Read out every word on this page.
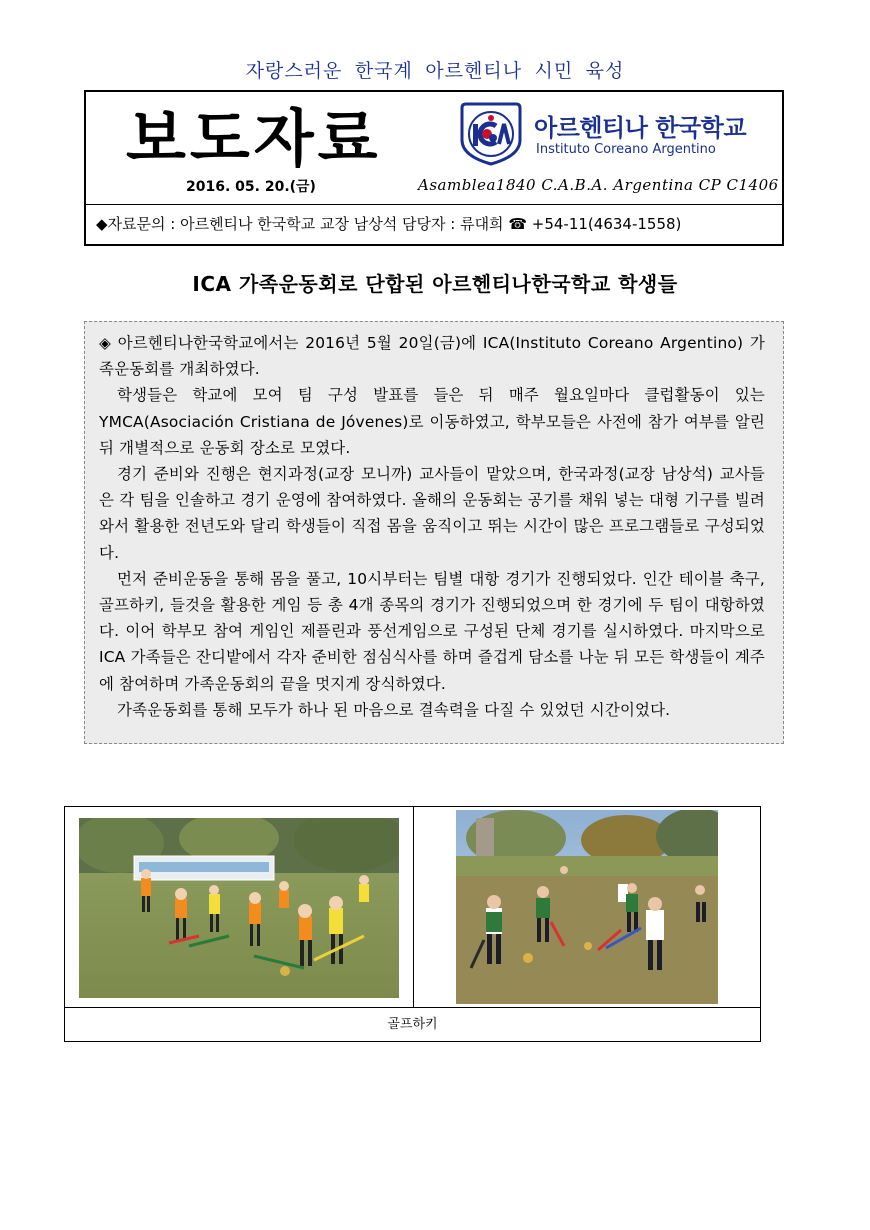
자랑스러운 한국계 아르헨티나 시민 육성
보도자료
2016. 05. 20.(금)
아르헨티나 한국학교
Instituto Coreano Argentino
Asamblea1840 C.A.B.A. Argentina CP C1406
◆자료문의 : 아르헨티나 한국학교 교장 남상석 담당자 : 류대희 ☎ +54-11(4634-1558)
ICA 가족운동회로 단합된 아르헨티나한국학교 학생들

◈ 아르헨티나한국학교에서는 2016년 5월 20일(금)에 ICA(Instituto Coreano Argentino) 가족운동회를 개최하였다.

학생들은 학교에 모여 팀 구성 발표를 들은 뒤 매주 월요일마다 클럽활동이 있는 YMCA(Asociación Cristiana de Jóvenes)로 이동하였고, 학부모들은 사전에 참가 여부를 알린 뒤 개별적으로 운동회 장소로 모였다.

경기 준비와 진행은 현지과정(교장 모니까) 교사들이 맡았으며, 한국과정(교장 남상석) 교사들은 각 팀을 인솔하고 경기 운영에 참여하였다. 올해의 운동회는 공기를 채워 넣는 대형 기구를 빌려와서 활용한 전년도와 달리 학생들이 직접 몸을 움직이고 뛰는 시간이 많은 프로그램들로 구성되었다.

먼저 준비운동을 통해 몸을 풀고, 10시부터는 팀별 대항 경기가 진행되었다. 인간 테이블 축구, 골프하키, 들것을 활용한 게임 등 총 4개 종목의 경기가 진행되었으며 한 경기에 두 팀이 대항하였다. 이어 학부모 참여 게임인 제플린과 풍선게임으로 구성된 단체 경기를 실시하였다. 마지막으로 ICA 가족들은 잔디밭에서 각자 준비한 점심식사를 하며 즐겁게 담소를 나눈 뒤 모든 학생들이 계주에 참여하며 가족운동회의 끝을 멋지게 장식하였다.

가족운동회를 통해 모두가 하나 된 마음으로 결속력을 다질 수 있었던 시간이었다.

골프하키
